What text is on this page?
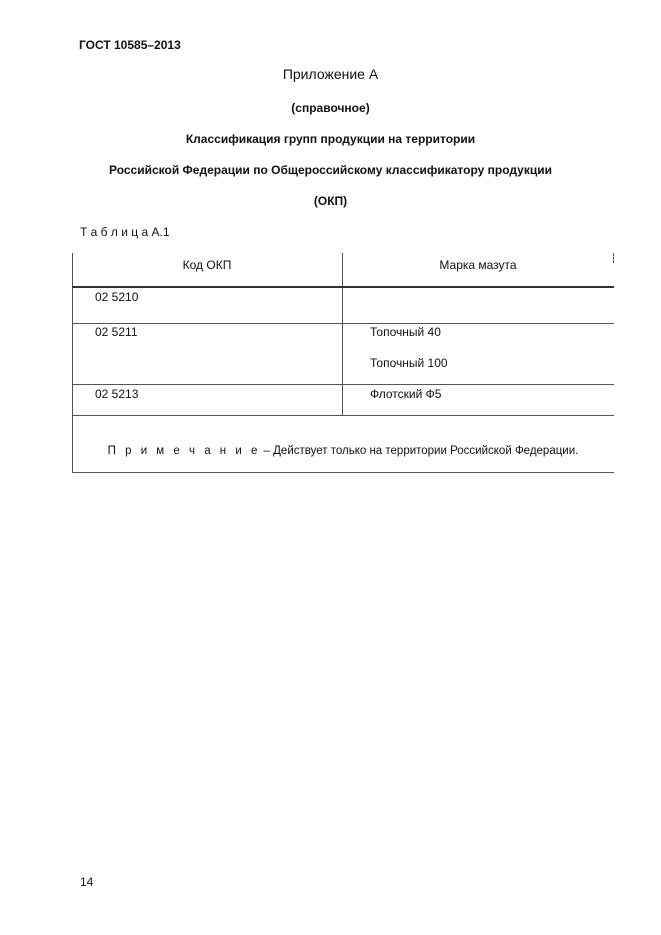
ГОСТ 10585–2013
Приложение А
(справочное)
Классификация групп продукции на территории
Российской Федерации по Общероссийскому классификатору продукции
(ОКП)
Т а б л и ц а А.1
Код ОКП	Марка мазута
02 5210
02 5211	Топочный 40
Топочный 100
02 5213	Флотский Ф5
П р и м е ч а н и е – Действует только на территории Российской Федерации.
14
